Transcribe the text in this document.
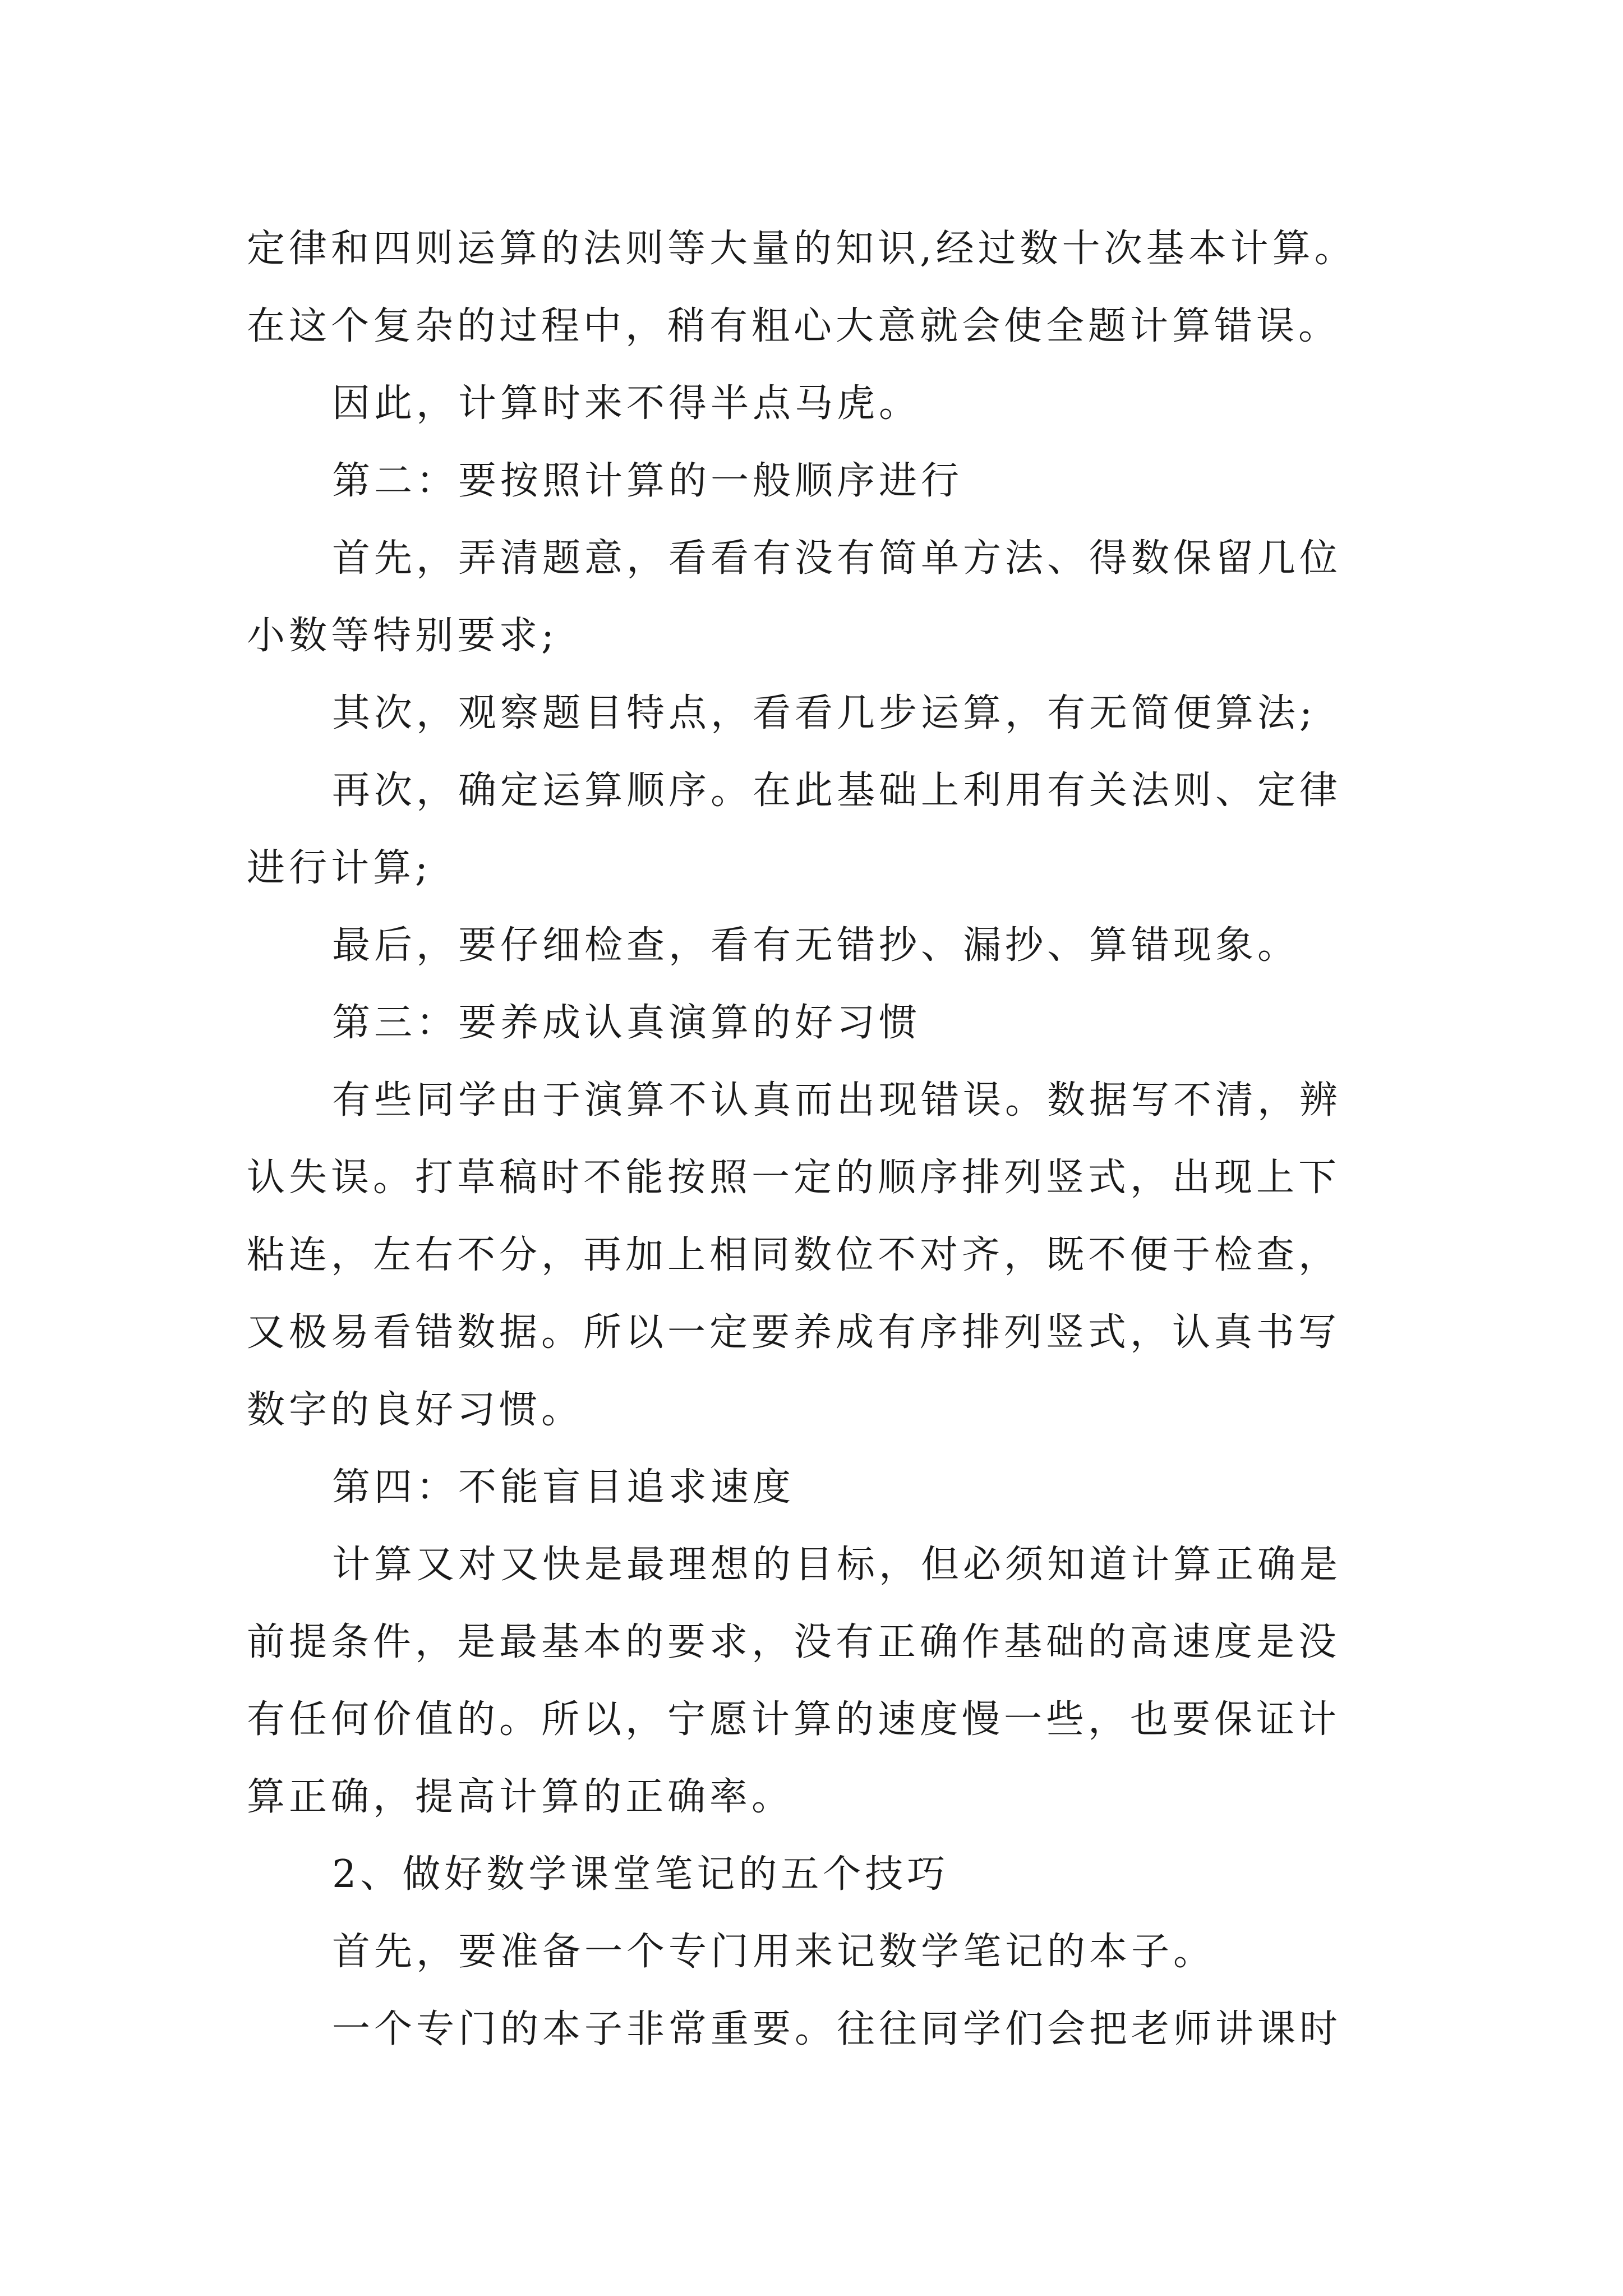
定律和四则运算的法则等大量的知识,经过数十次基本计算。
在这个复杂的过程中，稍有粗心大意就会使全题计算错误。
因此，计算时来不得半点马虎。
第二：要按照计算的一般顺序进行
首先，弄清题意，看看有没有简单方法、得数保留几位
小数等特别要求;
其次，观察题目特点，看看几步运算，有无简便算法;
再次，确定运算顺序。在此基础上利用有关法则、定律
进行计算;
最后，要仔细检查，看有无错抄、漏抄、算错现象。
第三：要养成认真演算的好习惯
有些同学由于演算不认真而出现错误。数据写不清，辨
认失误。打草稿时不能按照一定的顺序排列竖式，出现上下
粘连，左右不分，再加上相同数位不对齐，既不便于检查，
又极易看错数据。所以一定要养成有序排列竖式，认真书写
数字的良好习惯。
第四：不能盲目追求速度
计算又对又快是最理想的目标，但必须知道计算正确是
前提条件，是最基本的要求，没有正确作基础的高速度是没
有任何价值的。所以，宁愿计算的速度慢一些，也要保证计
算正确，提高计算的正确率。
2、做好数学课堂笔记的五个技巧
首先，要准备一个专门用来记数学笔记的本子。
一个专门的本子非常重要。往往同学们会把老师讲课时
